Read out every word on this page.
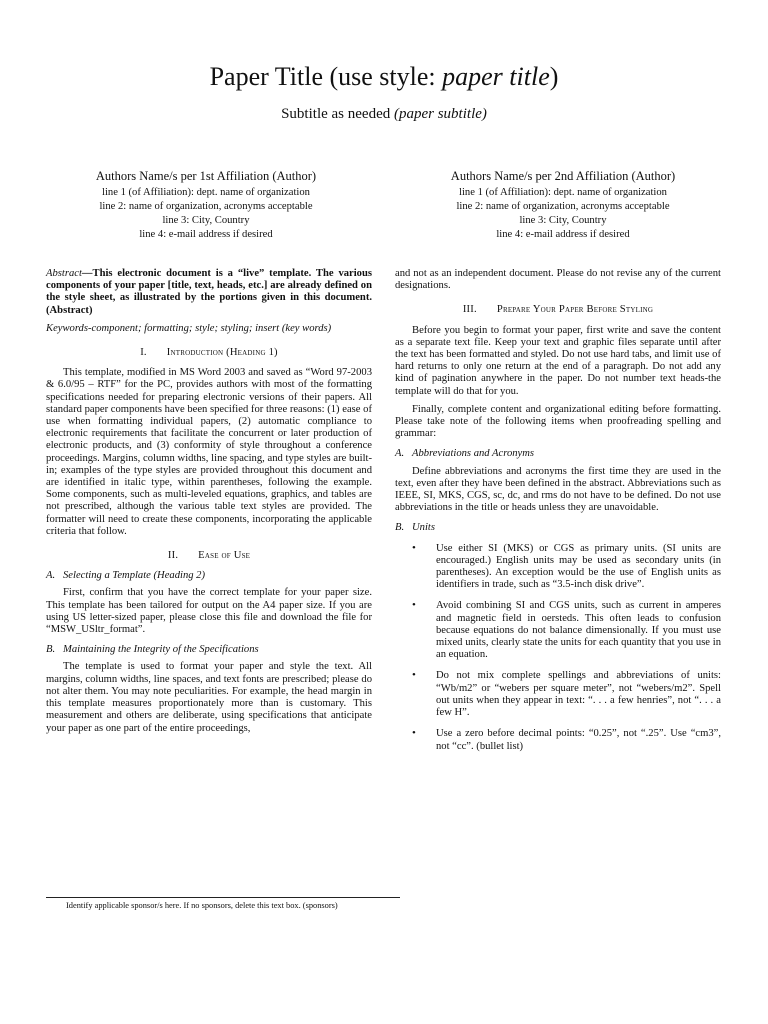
Paper Title (use style: paper title)
Subtitle as needed (paper subtitle)
Authors Name/s per 1st Affiliation (Author)
line 1 (of Affiliation): dept. name of organization
line 2: name of organization, acronyms acceptable
line 3: City, Country
line 4: e-mail address if desired
Authors Name/s per 2nd Affiliation (Author)
line 1 (of Affiliation): dept. name of organization
line 2: name of organization, acronyms acceptable
line 3: City, Country
line 4: e-mail address if desired

Abstract—This electronic document is a “live” template. The various components of your paper [title, text, heads, etc.] are already defined on the style sheet, as illustrated by the portions given in this document. (Abstract)

Keywords-component; formatting; style; styling; insert (key words)

I. Introduction (Heading 1)

This template, modified in MS Word 2003 and saved as “Word 97-2003 & 6.0/95 – RTF” for the PC, provides authors with most of the formatting specifications needed for preparing electronic versions of their papers. All standard paper components have been specified for three reasons: (1) ease of use when formatting individual papers, (2) automatic compliance to electronic requirements that facilitate the concurrent or later production of electronic products, and (3) conformity of style throughout a conference proceedings. Margins, column widths, line spacing, and type styles are built-in; examples of the type styles are provided throughout this document and are identified in italic type, within parentheses, following the example. Some components, such as multi-leveled equations, graphics, and tables are not prescribed, although the various table text styles are provided. The formatter will need to create these components, incorporating the applicable criteria that follow.

II. Ease of Use
A. Selecting a Template (Heading 2)

First, confirm that you have the correct template for your paper size. This template has been tailored for output on the A4 paper size. If you are using US letter-sized paper, please close this file and download the file for “MSW_USltr_format”.

B. Maintaining the Integrity of the Specifications

The template is used to format your paper and style the text. All margins, column widths, line spaces, and text fonts are prescribed; please do not alter them. You may note peculiarities. For example, the head margin in this template measures proportionately more than is customary. This measurement and others are deliberate, using specifications that anticipate your paper as one part of the entire proceedings,

and not as an independent document. Please do not revise any of the current designations.

III. Prepare Your Paper Before Styling

Before you begin to format your paper, first write and save the content as a separate text file. Keep your text and graphic files separate until after the text has been formatted and styled. Do not use hard tabs, and limit use of hard returns to only one return at the end of a paragraph. Do not add any kind of pagination anywhere in the paper. Do not number text heads-the template will do that for you.

Finally, complete content and organizational editing before formatting. Please take note of the following items when proofreading spelling and grammar:

A. Abbreviations and Acronyms

Define abbreviations and acronyms the first time they are used in the text, even after they have been defined in the abstract. Abbreviations such as IEEE, SI, MKS, CGS, sc, dc, and rms do not have to be defined. Do not use abbreviations in the title or heads unless they are unavoidable.

B. Units
• Use either SI (MKS) or CGS as primary units. (SI units are encouraged.) English units may be used as secondary units (in parentheses). An exception would be the use of English units as identifiers in trade, such as “3.5-inch disk drive”.
• Avoid combining SI and CGS units, such as current in amperes and magnetic field in oersteds. This often leads to confusion because equations do not balance dimensionally. If you must use mixed units, clearly state the units for each quantity that you use in an equation.
• Do not mix complete spellings and abbreviations of units: “Wb/m2” or “webers per square meter”, not “webers/m2”. Spell out units when they appear in text: “. . . a few henries”, not “. . . a few H”.
• Use a zero before decimal points: “0.25”, not “.25”. Use “cm3”, not “cc”. (bullet list)
Identify applicable sponsor/s here. If no sponsors, delete this text box. (sponsors)
